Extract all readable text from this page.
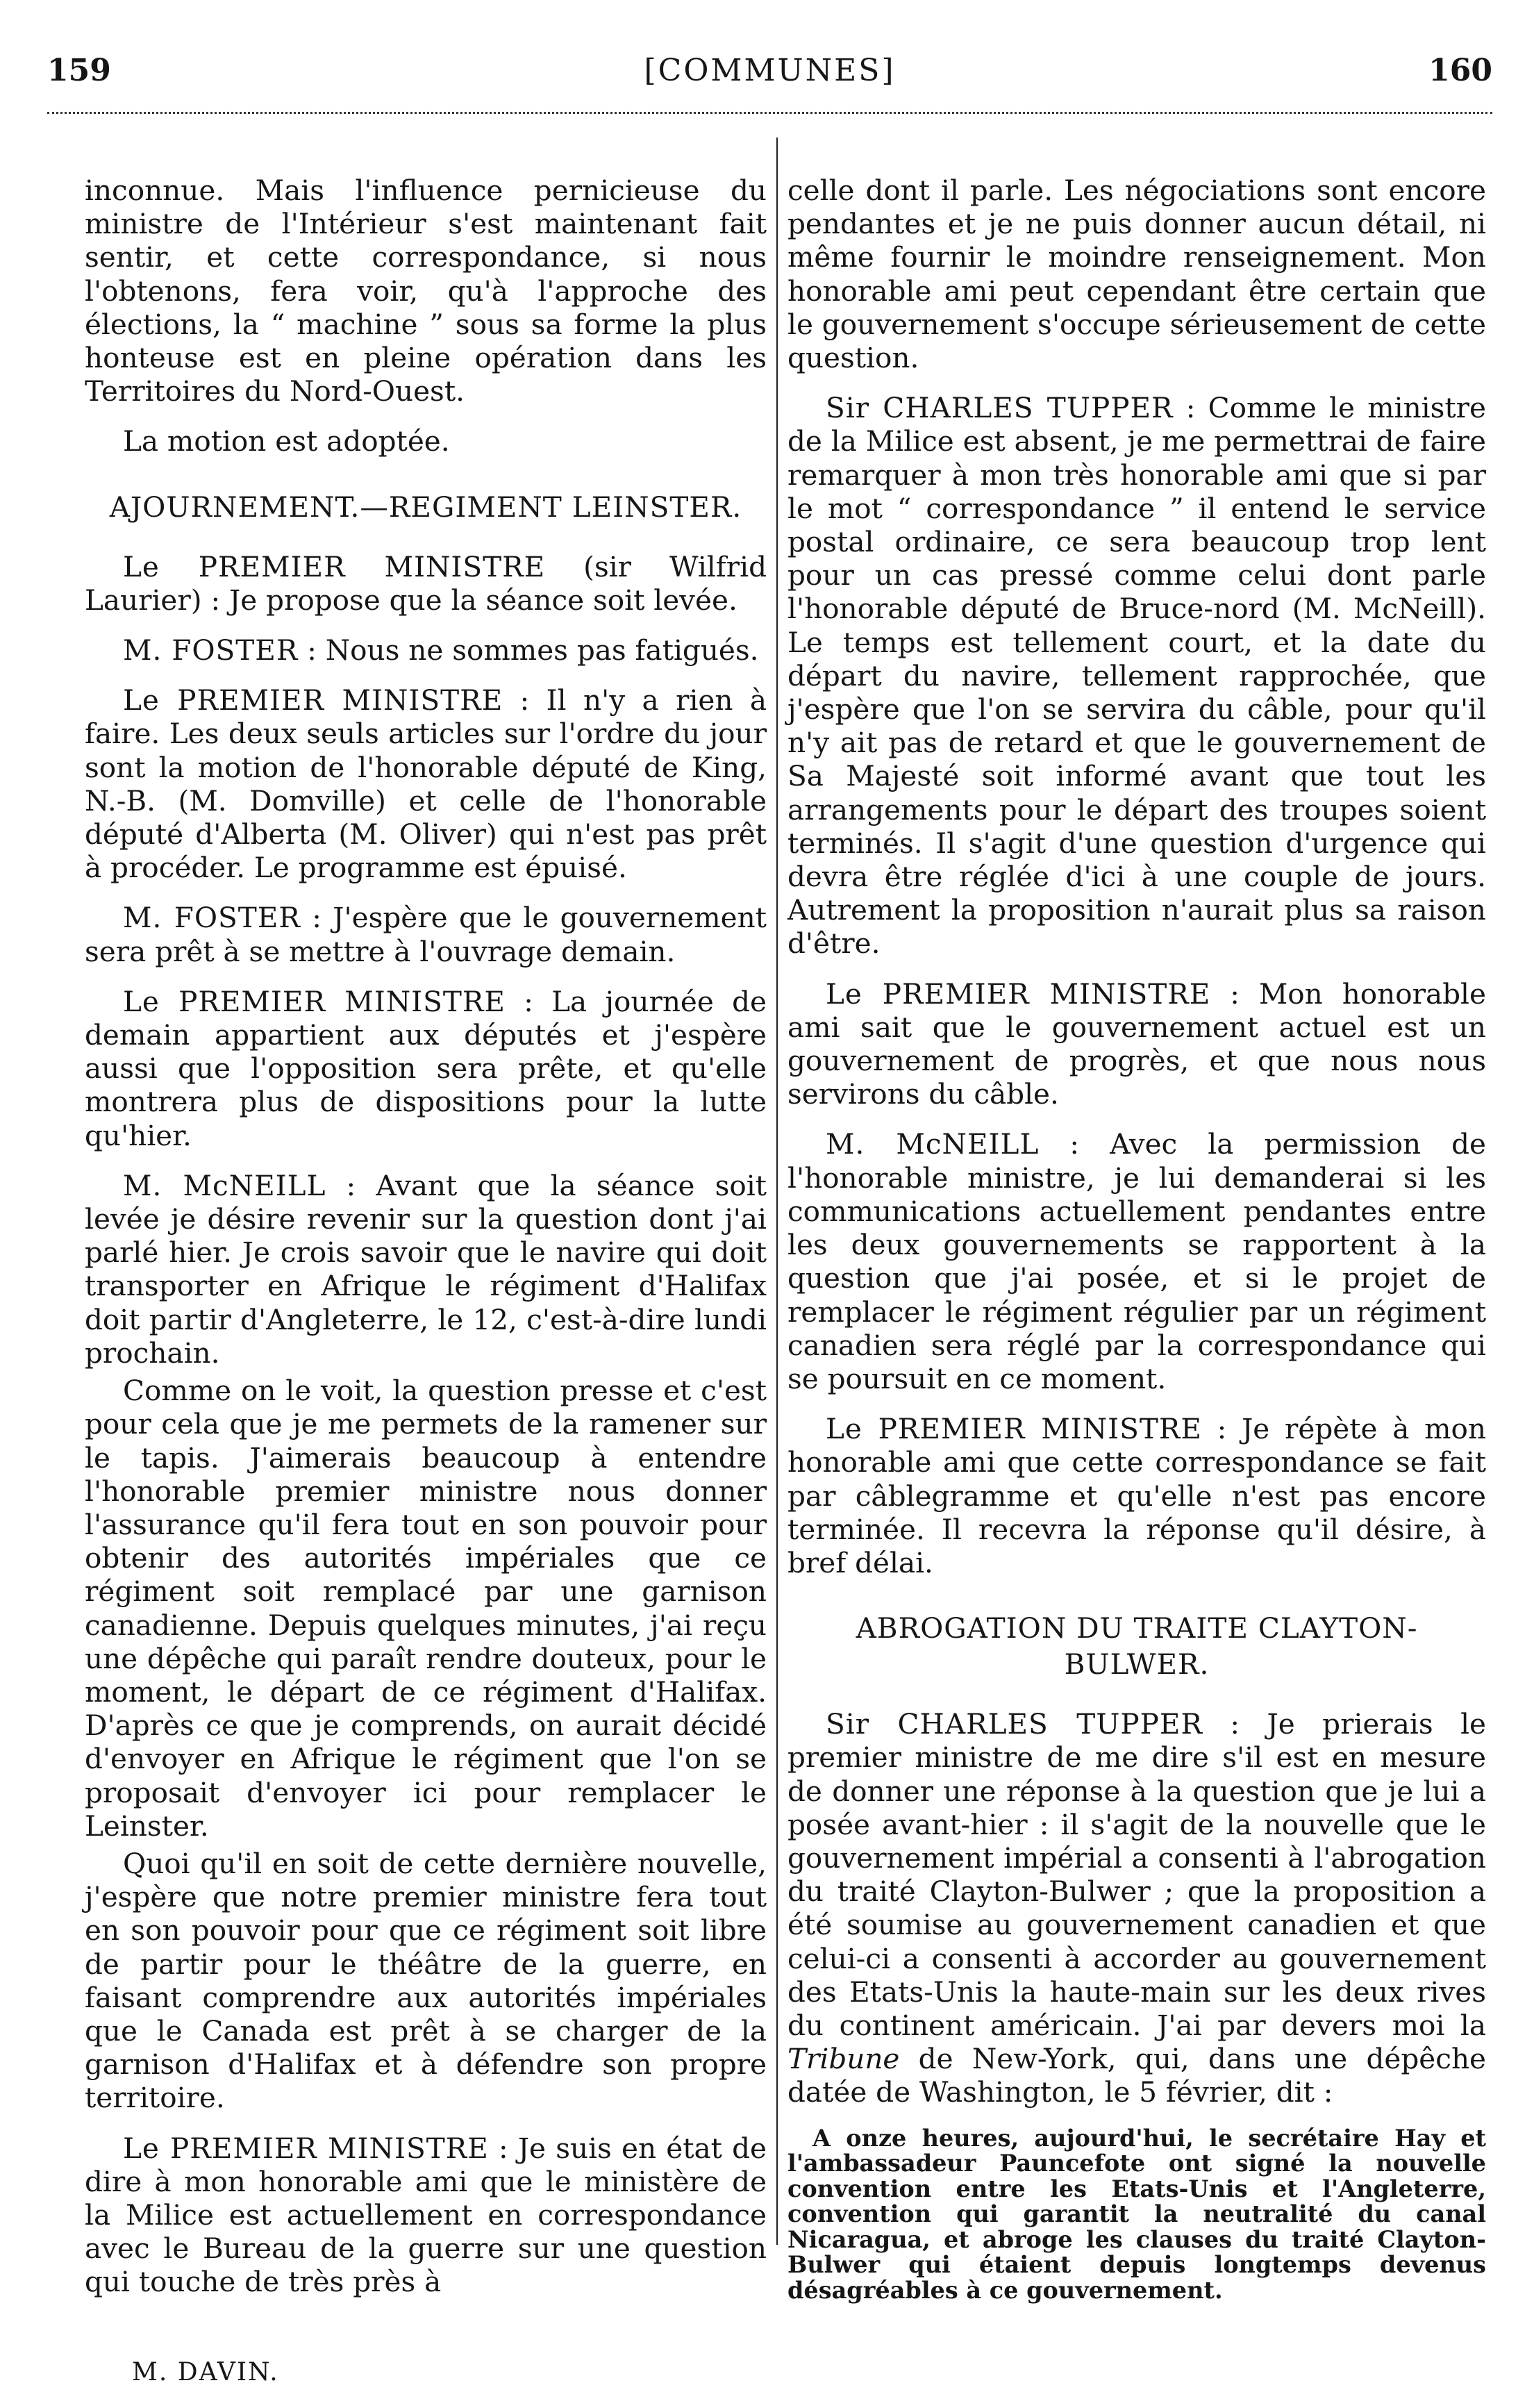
159	[COMMUNES]	160

inconnue. Mais l'influence pernicieuse du ministre de l'Intérieur s'est maintenant fait sentir, et cette correspondance, si nous l'obtenons, fera voir, qu'à l'approche des élections, la “ machine ” sous sa forme la plus honteuse est en pleine opération dans les Territoires du Nord-Ouest.

La motion est adoptée.

AJOURNEMENT.—REGIMENT LEINSTER.

Le PREMIER MINISTRE (sir Wilfrid Laurier) : Je propose que la séance soit levée.

M. FOSTER : Nous ne sommes pas fatigués.

Le PREMIER MINISTRE : Il n'y a rien à faire. Les deux seuls articles sur l'ordre du jour sont la motion de l'honorable député de King, N.-B. (M. Domville) et celle de l'honorable député d'Alberta (M. Oliver) qui n'est pas prêt à procéder. Le programme est épuisé.

M. FOSTER : J'espère que le gouvernement sera prêt à se mettre à l'ouvrage demain.

Le PREMIER MINISTRE : La journée de demain appartient aux députés et j'espère aussi que l'opposition sera prête, et qu'elle montrera plus de dispositions pour la lutte qu'hier.

M. McNEILL : Avant que la séance soit levée je désire revenir sur la question dont j'ai parlé hier. Je crois savoir que le navire qui doit transporter en Afrique le régiment d'Halifax doit partir d'Angleterre, le 12, c'est-à-dire lundi prochain.

Comme on le voit, la question presse et c'est pour cela que je me permets de la ramener sur le tapis. J'aimerais beaucoup à entendre l'honorable premier ministre nous donner l'assurance qu'il fera tout en son pouvoir pour obtenir des autorités impériales que ce régiment soit remplacé par une garnison canadienne. Depuis quelques minutes, j'ai reçu une dépêche qui paraît rendre douteux, pour le moment, le départ de ce régiment d'Halifax. D'après ce que je comprends, on aurait décidé d'envoyer en Afrique le régiment que l'on se proposait d'envoyer ici pour remplacer le Leinster.

Quoi qu'il en soit de cette dernière nouvelle, j'espère que notre premier ministre fera tout en son pouvoir pour que ce régiment soit libre de partir pour le théâtre de la guerre, en faisant comprendre aux autorités impériales que le Canada est prêt à se charger de la garnison d'Halifax et à défendre son propre territoire.

Le PREMIER MINISTRE : Je suis en état de dire à mon honorable ami que le ministère de la Milice est actuellement en correspondance avec le Bureau de la guerre sur une question qui touche de très près à

celle dont il parle. Les négociations sont encore pendantes et je ne puis donner aucun détail, ni même fournir le moindre renseignement. Mon honorable ami peut cependant être certain que le gouvernement s'occupe sérieusement de cette question.

Sir CHARLES TUPPER : Comme le ministre de la Milice est absent, je me permettrai de faire remarquer à mon très honorable ami que si par le mot “ correspondance ” il entend le service postal ordinaire, ce sera beaucoup trop lent pour un cas pressé comme celui dont parle l'honorable député de Bruce-nord (M. McNeill). Le temps est tellement court, et la date du départ du navire, tellement rapprochée, que j'espère que l'on se servira du câble, pour qu'il n'y ait pas de retard et que le gouvernement de Sa Majesté soit informé avant que tout les arrangements pour le départ des troupes soient terminés. Il s'agit d'une question d'urgence qui devra être réglée d'ici à une couple de jours. Autrement la proposition n'aurait plus sa raison d'être.

Le PREMIER MINISTRE : Mon honorable ami sait que le gouvernement actuel est un gouvernement de progrès, et que nous nous servirons du câble.

M. McNEILL : Avec la permission de l'honorable ministre, je lui demanderai si les communications actuellement pendantes entre les deux gouvernements se rapportent à la question que j'ai posée, et si le projet de remplacer le régiment régulier par un régiment canadien sera réglé par la correspondance qui se poursuit en ce moment.

Le PREMIER MINISTRE : Je répète à mon honorable ami que cette correspondance se fait par câblegramme et qu'elle n'est pas encore terminée. Il recevra la réponse qu'il désire, à bref délai.

ABROGATION DU TRAITE CLAYTON-BULWER.

Sir CHARLES TUPPER : Je prierais le premier ministre de me dire s'il est en mesure de donner une réponse à la question que je lui a posée avant-hier : il s'agit de la nouvelle que le gouvernement impérial a consenti à l'abrogation du traité Clayton-Bulwer ; que la proposition a été soumise au gouvernement canadien et que celui-ci a consenti à accorder au gouvernement des Etats-Unis la haute-main sur les deux rives du continent américain. J'ai par devers moi la Tribune de New-York, qui, dans une dépêche datée de Washington, le 5 février, dit :

A onze heures, aujourd'hui, le secrétaire Hay et l'ambassadeur Pauncefote ont signé la nouvelle convention entre les Etats-Unis et l'Angleterre, convention qui garantit la neutralité du canal Nicaragua, et abroge les clauses du traité Clayton-Bulwer qui étaient depuis longtemps devenus désagréables à ce gouvernement.

M. DAVIN.
